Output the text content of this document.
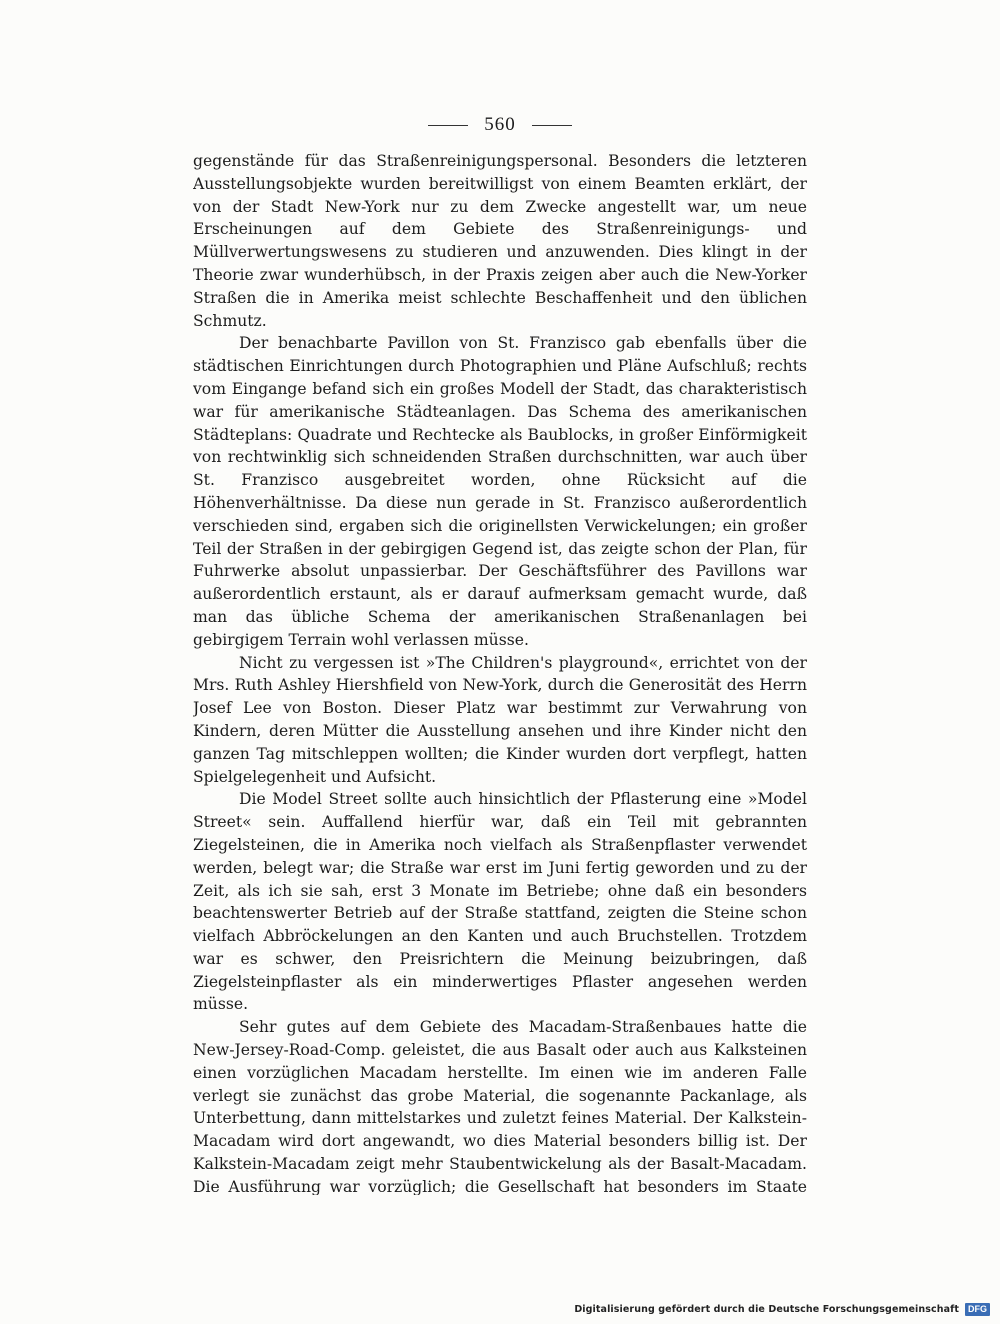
560

gegenstände für das Straßenreinigungspersonal. Besonders die letzteren Ausstellungsobjekte wurden bereitwilligst von einem Beamten erklärt, der von der Stadt New-York nur zu dem Zwecke angestellt war, um neue Erscheinungen auf dem Gebiete des Straßenreinigungs- und Müllverwertungswesens zu studieren und anzuwenden. Dies klingt in der Theorie zwar wunderhübsch, in der Praxis zeigen aber auch die New-Yorker Straßen die in Amerika meist schlechte Beschaffenheit und den üblichen Schmutz.

Der benachbarte Pavillon von St. Franzisco gab ebenfalls über die städtischen Einrichtungen durch Photographien und Pläne Aufschluß; rechts vom Eingange befand sich ein großes Modell der Stadt, das charakteristisch war für amerikanische Städteanlagen. Das Schema des amerikanischen Städteplans: Quadrate und Rechtecke als Baublocks, in großer Einförmigkeit von rechtwinklig sich schneidenden Straßen durchschnitten, war auch über St. Franzisco ausgebreitet worden, ohne Rücksicht auf die Höhenverhältnisse. Da diese nun gerade in St. Franzisco außerordentlich verschieden sind, ergaben sich die originellsten Verwickelungen; ein großer Teil der Straßen in der gebirgigen Gegend ist, das zeigte schon der Plan, für Fuhrwerke absolut unpassierbar. Der Geschäftsführer des Pavillons war außerordentlich erstaunt, als er darauf aufmerksam gemacht wurde, daß man das übliche Schema der amerikanischen Straßenanlagen bei gebirgigem Terrain wohl verlassen müsse.

Nicht zu vergessen ist »The Children's playground«, errichtet von der Mrs. Ruth Ashley Hiershfield von New-York, durch die Generosität des Herrn Josef Lee von Boston. Dieser Platz war bestimmt zur Verwahrung von Kindern, deren Mütter die Ausstellung ansehen und ihre Kinder nicht den ganzen Tag mitschleppen wollten; die Kinder wurden dort verpflegt, hatten Spielgelegenheit und Aufsicht.

Die Model Street sollte auch hinsichtlich der Pflasterung eine »Model Street« sein. Auffallend hierfür war, daß ein Teil mit gebrannten Ziegelsteinen, die in Amerika noch vielfach als Straßenpflaster verwendet werden, belegt war; die Straße war erst im Juni fertig geworden und zu der Zeit, als ich sie sah, erst 3 Monate im Betriebe; ohne daß ein besonders beachtenswerter Betrieb auf der Straße stattfand, zeigten die Steine schon vielfach Abbröckelungen an den Kanten und auch Bruchstellen. Trotzdem war es schwer, den Preisrichtern die Meinung beizubringen, daß Ziegelsteinpflaster als ein minderwertiges Pflaster angesehen werden müsse.

Sehr gutes auf dem Gebiete des Macadam-Straßenbaues hatte die New-Jersey-Road-Comp. geleistet, die aus Basalt oder auch aus Kalksteinen einen vorzüglichen Macadam herstellte. Im einen wie im anderen Falle verlegt sie zunächst das grobe Material, die sogenannte Packanlage, als Unterbettung, dann mittelstarkes und zuletzt feines Material. Der Kalkstein-Macadam wird dort angewandt, wo dies Material besonders billig ist. Der Kalkstein-Macadam zeigt mehr Staubentwickelung als der Basalt-Macadam. Die Ausführung war vorzüglich; die Gesellschaft hat besonders im Staate

Digitalisierung gefördert durch die Deutsche Forschungsgemeinschaft	DFG
